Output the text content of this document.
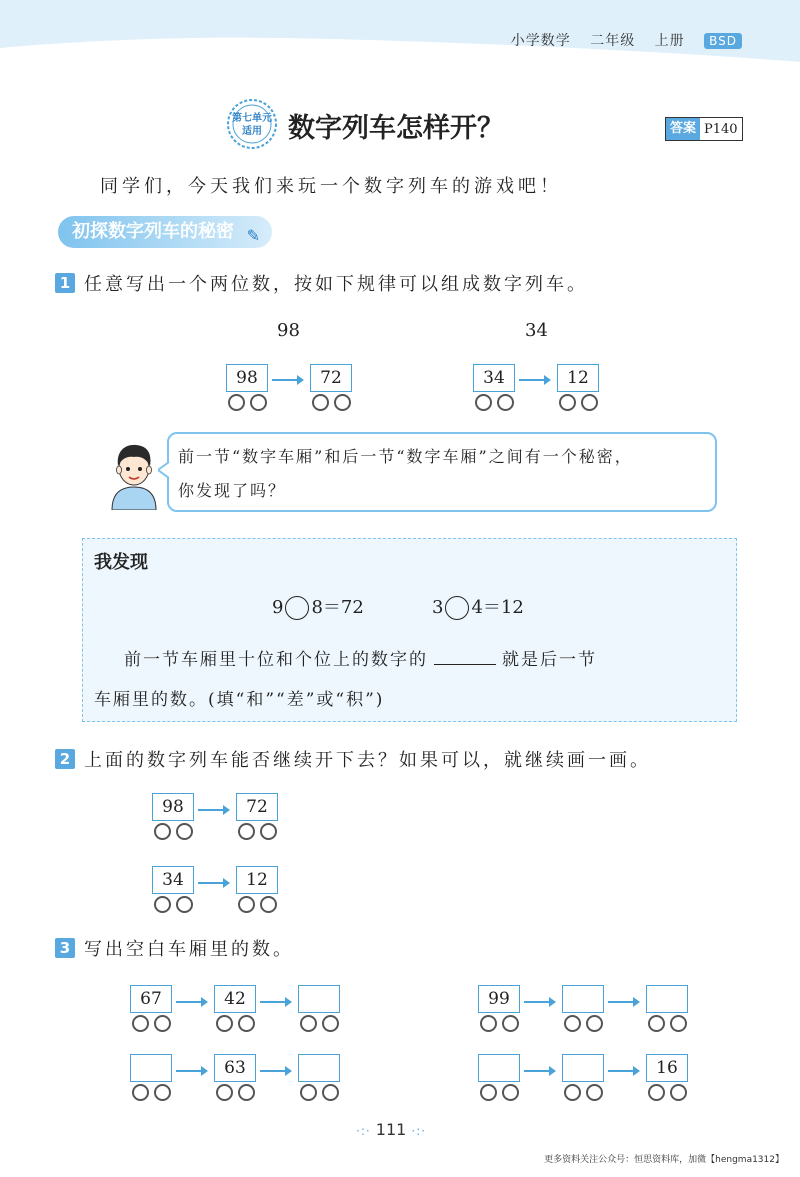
小学数学 二年级 上册 BSD
第七单元
适用 数字列车怎样开？	答案 P140
同学们，今天我们来玩一个数字列车的游戏吧！
初探数字列车的秘密 ✎
1 任意写出一个两位数，按如下规律可以组成数字列车。
98	34
98	72	34	12
前一节“数字车厢”和后一节“数字车厢”之间有一个秘密，
你发现了吗？
我发现
9 8＝72	3 4＝12
前一节车厢里十位和个位上的数字的	就是后一节
车厢里的数。(填“和”“差”或“积”)
2 上面的数字列车能否继续开下去？如果可以，就继续画一画。
98	72
34	12
3 写出空白车厢里的数。
67	42	99
63	16
·:· 111 ·:·
更多资料关注公众号：恒思资料库，加微【hengma1312】
